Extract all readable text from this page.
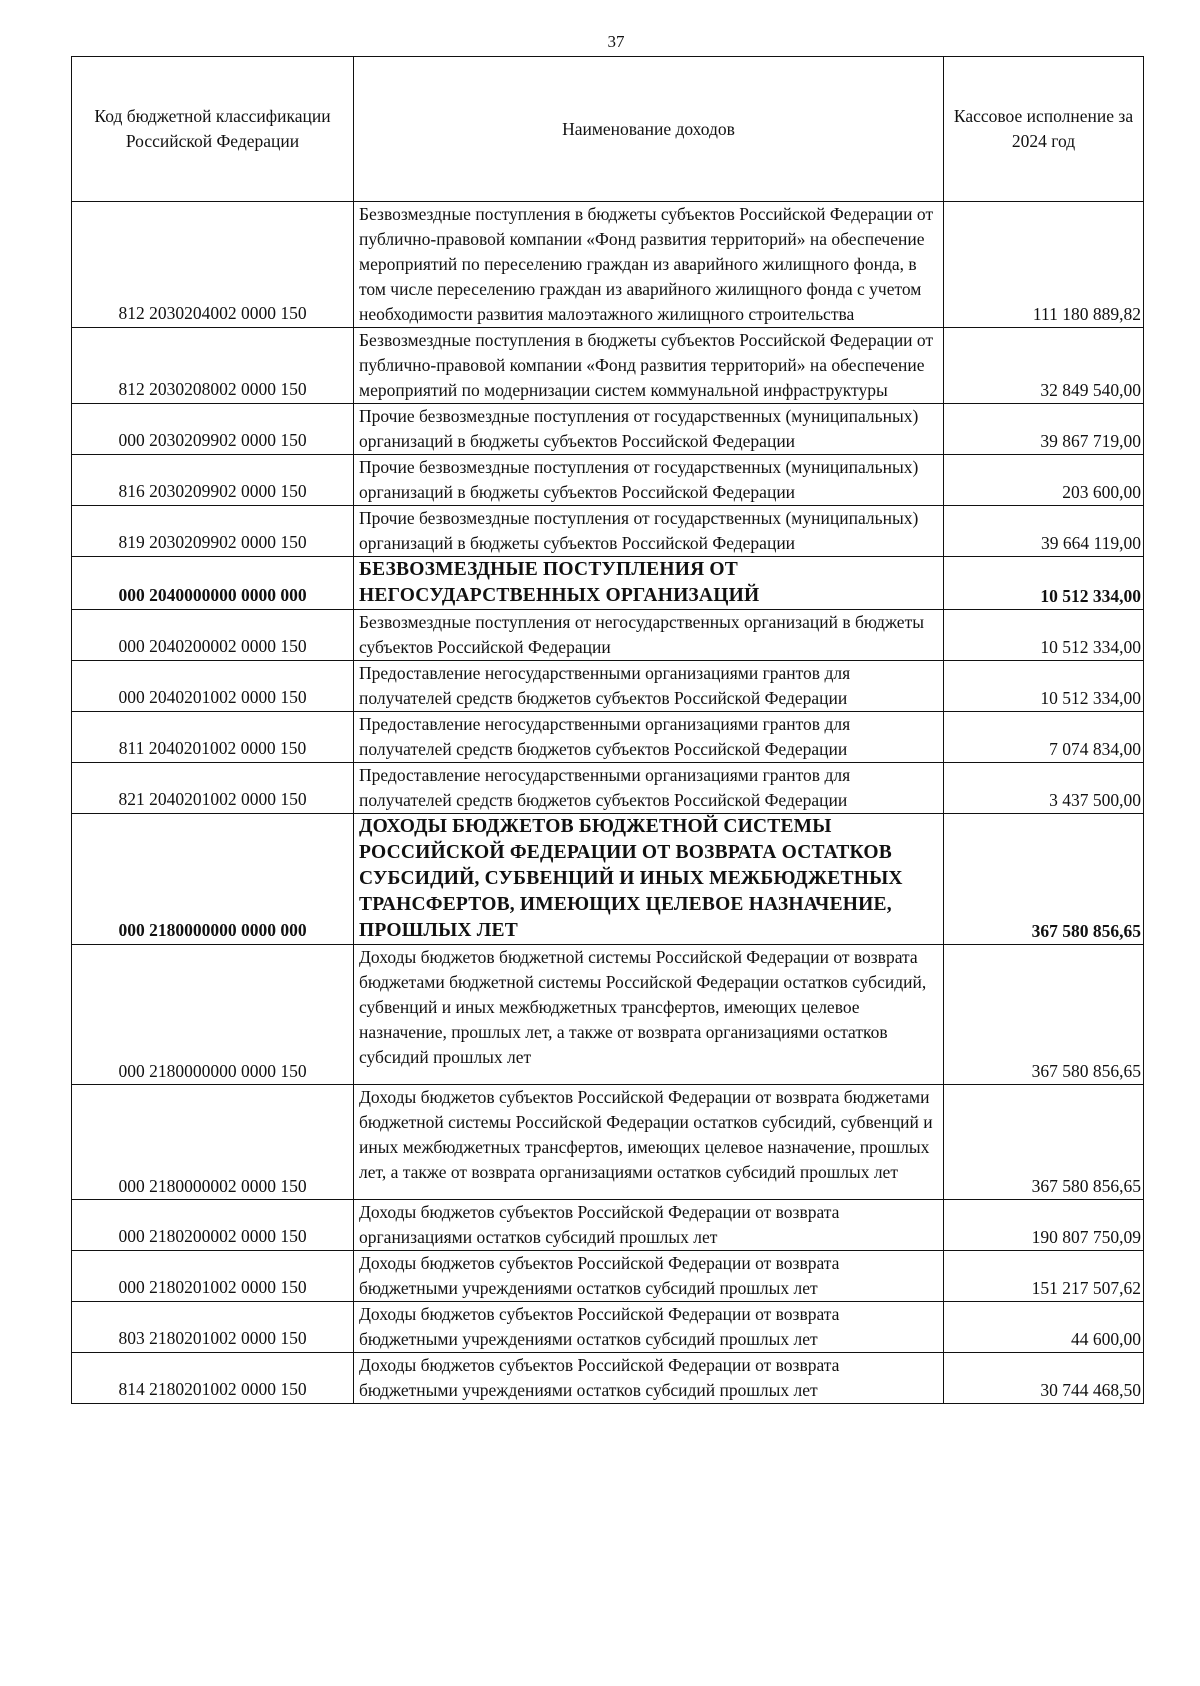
37
Код бюджетной классификации Российской Федерации	Наименование доходов	Кассовое исполнение за 2024 год
812 2030204002 0000 150	Безвозмездные поступления в бюджеты субъектов Российской Федерации от публично-правовой компании «Фонд развития территорий» на обеспечение мероприятий по переселению граждан из аварийного жилищного фонда, в том числе переселению граждан из аварийного жилищного фонда с учетом необходимости развития малоэтажного жилищного строительства	111 180 889,82
812 2030208002 0000 150	Безвозмездные поступления в бюджеты субъектов Российской Федерации от публично-правовой компании «Фонд развития территорий» на обеспечение мероприятий по модернизации систем коммунальной инфраструктуры	32 849 540,00
000 2030209902 0000 150	Прочие безвозмездные поступления от государственных (муниципальных) организаций в бюджеты субъектов Российской Федерации	39 867 719,00
816 2030209902 0000 150	Прочие безвозмездные поступления от государственных (муниципальных) организаций в бюджеты субъектов Российской Федерации	203 600,00
819 2030209902 0000 150	Прочие безвозмездные поступления от государственных (муниципальных) организаций в бюджеты субъектов Российской Федерации	39 664 119,00
000 2040000000 0000 000	БЕЗВОЗМЕЗДНЫЕ ПОСТУПЛЕНИЯ ОТ НЕГОСУДАРСТВЕННЫХ ОРГАНИЗАЦИЙ	10 512 334,00
000 2040200002 0000 150	Безвозмездные поступления от негосударственных организаций в бюджеты субъектов Российской Федерации	10 512 334,00
000 2040201002 0000 150	Предоставление негосударственными организациями грантов для получателей средств бюджетов субъектов Российской Федерации	10 512 334,00
811 2040201002 0000 150	Предоставление негосударственными организациями грантов для получателей средств бюджетов субъектов Российской Федерации	7 074 834,00
821 2040201002 0000 150	Предоставление негосударственными организациями грантов для получателей средств бюджетов субъектов Российской Федерации	3 437 500,00
000 2180000000 0000 000	ДОХОДЫ БЮДЖЕТОВ БЮДЖЕТНОЙ СИСТЕМЫ РОССИЙСКОЙ ФЕДЕРАЦИИ ОТ ВОЗВРАТА ОСТАТКОВ СУБСИДИЙ, СУБВЕНЦИЙ И ИНЫХ МЕЖБЮДЖЕТНЫХ ТРАНСФЕРТОВ, ИМЕЮЩИХ ЦЕЛЕВОЕ НАЗНАЧЕНИЕ, ПРОШЛЫХ ЛЕТ	367 580 856,65
000 2180000000 0000 150	Доходы бюджетов бюджетной системы Российской Федерации от возврата бюджетами бюджетной системы Российской Федерации остатков субсидий, субвенций и иных межбюджетных трансфертов, имеющих целевое назначение, прошлых лет, а также от возврата организациями остатков субсидий прошлых лет	367 580 856,65
000 2180000002 0000 150	Доходы бюджетов субъектов Российской Федерации от возврата бюджетами бюджетной системы Российской Федерации остатков субсидий, субвенций и иных межбюджетных трансфертов, имеющих целевое назначение, прошлых лет, а также от возврата организациями остатков субсидий прошлых лет	367 580 856,65
000 2180200002 0000 150	Доходы бюджетов субъектов Российской Федерации от возврата организациями остатков субсидий прошлых лет	190 807 750,09
000 2180201002 0000 150	Доходы бюджетов субъектов Российской Федерации от возврата бюджетными учреждениями остатков субсидий прошлых лет	151 217 507,62
803 2180201002 0000 150	Доходы бюджетов субъектов Российской Федерации от возврата бюджетными учреждениями остатков субсидий прошлых лет	44 600,00
814 2180201002 0000 150	Доходы бюджетов субъектов Российской Федерации от возврата бюджетными учреждениями остатков субсидий прошлых лет	30 744 468,50
